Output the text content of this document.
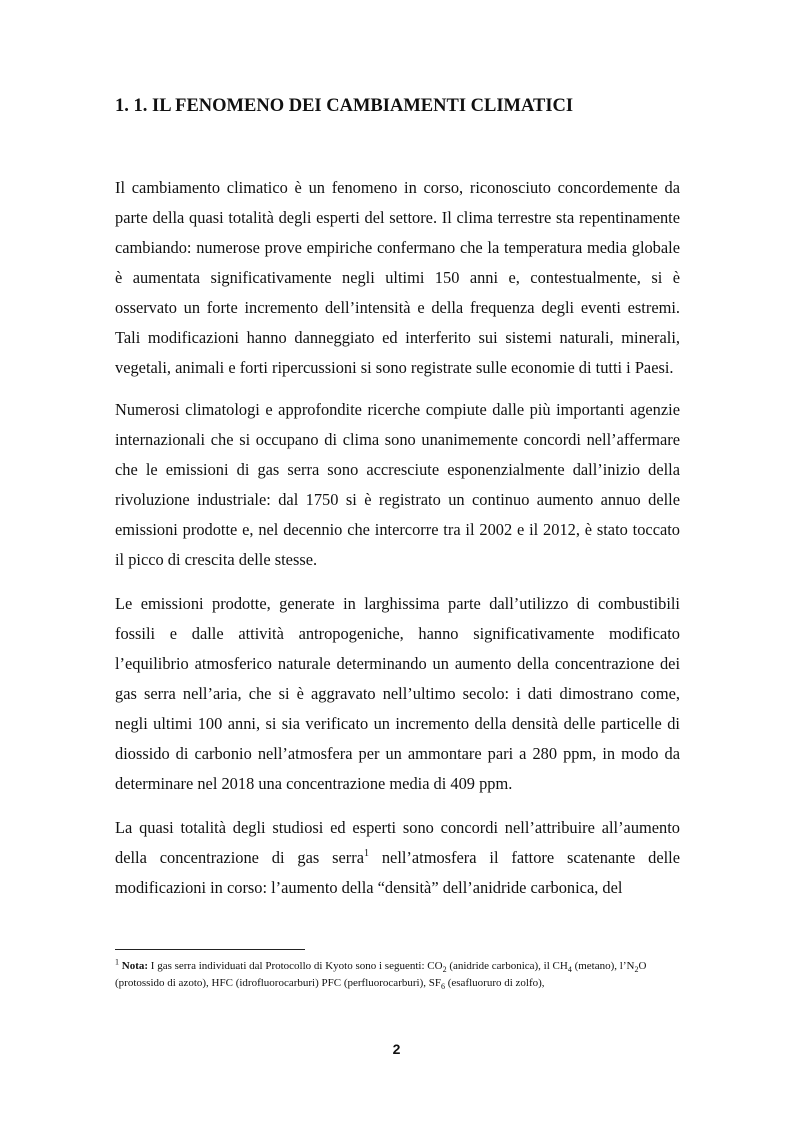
1. 1. IL FENOMENO DEI CAMBIAMENTI CLIMATICI

Il cambiamento climatico è un fenomeno in corso, riconosciuto concordemente da parte della quasi totalità degli esperti del settore. Il clima terrestre sta repentinamente cambiando: numerose prove empiriche confermano che la temperatura media globale è aumentata significativamente negli ultimi 150 anni e, contestualmente, si è osservato un forte incremento dell’intensità e della frequenza degli eventi estremi. Tali modificazioni hanno danneggiato ed interferito sui sistemi naturali, minerali, vegetali, animali e forti ripercussioni si sono registrate sulle economie di tutti i Paesi.

Numerosi climatologi e approfondite ricerche compiute dalle più importanti agenzie internazionali che si occupano di clima sono unanimemente concordi nell’affermare che le emissioni di gas serra sono accresciute esponenzialmente dall’inizio della rivoluzione industriale: dal 1750 si è registrato un continuo aumento annuo delle emissioni prodotte e, nel decennio che intercorre tra il 2002 e il 2012, è stato toccato il picco di crescita delle stesse.

Le emissioni prodotte, generate in larghissima parte dall’utilizzo di combustibili fossili e dalle attività antropogeniche, hanno significativamente modificato l’equilibrio atmosferico naturale determinando un aumento della concentrazione dei gas serra nell’aria, che si è aggravato nell’ultimo secolo: i dati dimostrano come, negli ultimi 100 anni, si sia verificato un incremento della densità delle particelle di diossido di carbonio nell’atmosfera per un ammontare pari a 280 ppm, in modo da determinare nel 2018 una concentrazione media di 409 ppm.

La quasi totalità degli studiosi ed esperti sono concordi nell’attribuire all’aumento della concentrazione di gas serra$^1$ nell’atmosfera il fattore scatenante delle modificazioni in corso: l’aumento della “densità” dell’anidride carbonica, del

$^1$ Nota: I gas serra individuati dal Protocollo di Kyoto sono i seguenti: $CO_2$ (anidride carbonica), il $CH_4$ (metano), $l’N_2O$ (protossido di azoto), HFC (idrofluorocarburi) PFC (perfluorocarburi), $SF_6$ (esafluoruro di zolfo),
2
